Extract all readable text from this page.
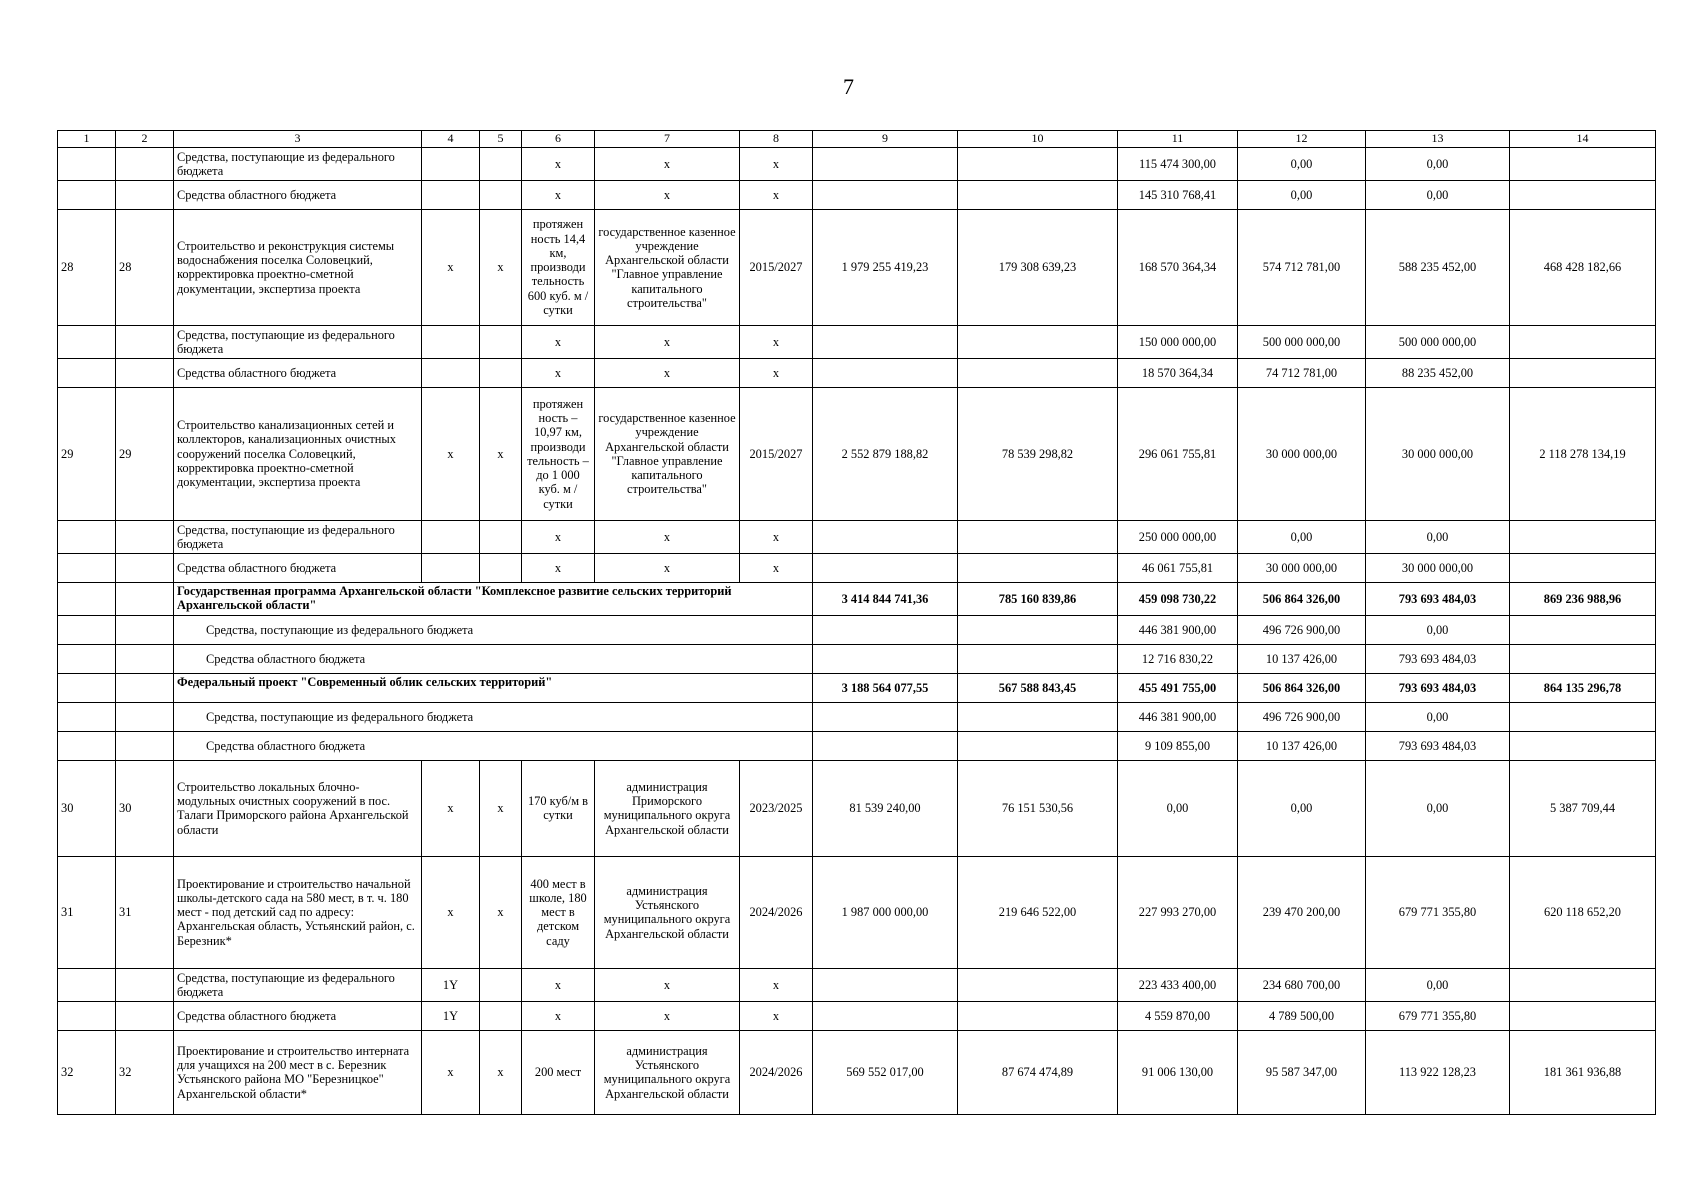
7
1	2	3	4	5	6	7	8	9	10	11	12	13	14
		Средства, поступающие из федерального бюджета			x	x	x			115 474 300,00	0,00	0,00	
		Средства областного бюджета			x	x	x			145 310 768,41	0,00	0,00	
28	28	Строительство и реконструкция системы водоснабжения поселка Соловецкий, корректировка проектно-сметной документации, экспертиза проекта	x	x	протяжен ность 14,4 км, производи тельность 600 куб. м / сутки	государственное казенное учреждение Архангельской области "Главное управление капитального строительства"	2015/2027	1 979 255 419,23	179 308 639,23	168 570 364,34	574 712 781,00	588 235 452,00	468 428 182,66
		Средства, поступающие из федерального бюджета			x	x	x			150 000 000,00	500 000 000,00	500 000 000,00	
		Средства областного бюджета			x	x	x			18 570 364,34	74 712 781,00	88 235 452,00	
29	29	Строительство канализационных сетей и коллекторов, канализационных очистных сооружений поселка Соловецкий, корректировка проектно-сметной документации, экспертиза проекта	x	x	протяжен ность – 10,97 км, производи тельность – до 1 000 куб. м / сутки	государственное казенное учреждение Архангельской области "Главное управление капитального строительства"	2015/2027	2 552 879 188,82	78 539 298,82	296 061 755,81	30 000 000,00	30 000 000,00	2 118 278 134,19
		Средства, поступающие из федерального бюджета			x	x	x			250 000 000,00	0,00	0,00	
		Средства областного бюджета			x	x	x			46 061 755,81	30 000 000,00	30 000 000,00	
		Государственная программа Архангельской области "Комплексное развитие сельских территорий Архангельской области"						3 414 844 741,36	785 160 839,86	459 098 730,22	506 864 326,00	793 693 484,03	869 236 988,96
		Средства, поступающие из федерального бюджета								446 381 900,00	496 726 900,00	0,00	
		Средства областного бюджета								12 716 830,22	10 137 426,00	793 693 484,03	
		Федеральный проект "Современный облик сельских территорий"						3 188 564 077,55	567 588 843,45	455 491 755,00	506 864 326,00	793 693 484,03	864 135 296,78
		Средства, поступающие из федерального бюджета								446 381 900,00	496 726 900,00	0,00	
		Средства областного бюджета								9 109 855,00	10 137 426,00	793 693 484,03	
30	30	Строительство локальных блочно-модульных очистных сооружений в пос. Талаги Приморского района Архангельской области	x	x	170 куб/м в сутки	администрация Приморского муниципального округа Архангельской области	2023/2025	81 539 240,00	76 151 530,56	0,00	0,00	0,00	5 387 709,44
31	31	Проектирование и строительство начальной школы-детского сада на 580 мест, в т. ч. 180 мест - под детский сад по адресу: Архангельская область, Устьянский район, с. Березник*	x	x	400 мест в школе, 180 мест в детском саду	администрация Устьянского муниципального округа Архангельской области	2024/2026	1 987 000 000,00	219 646 522,00	227 993 270,00	239 470 200,00	679 771 355,80	620 118 652,20
		Средства, поступающие из федерального бюджета	1Y		x	x	x			223 433 400,00	234 680 700,00	0,00	
		Средства областного бюджета	1Y		x	x	x			4 559 870,00	4 789 500,00	679 771 355,80	
32	32	Проектирование и строительство интерната для учащихся на 200 мест в с. Березник Устьянского района МО "Березницкое" Архангельской области*	x	x	200 мест	администрация Устьянского муниципального округа Архангельской области	2024/2026	569 552 017,00	87 674 474,89	91 006 130,00	95 587 347,00	113 922 128,23	181 361 936,88
